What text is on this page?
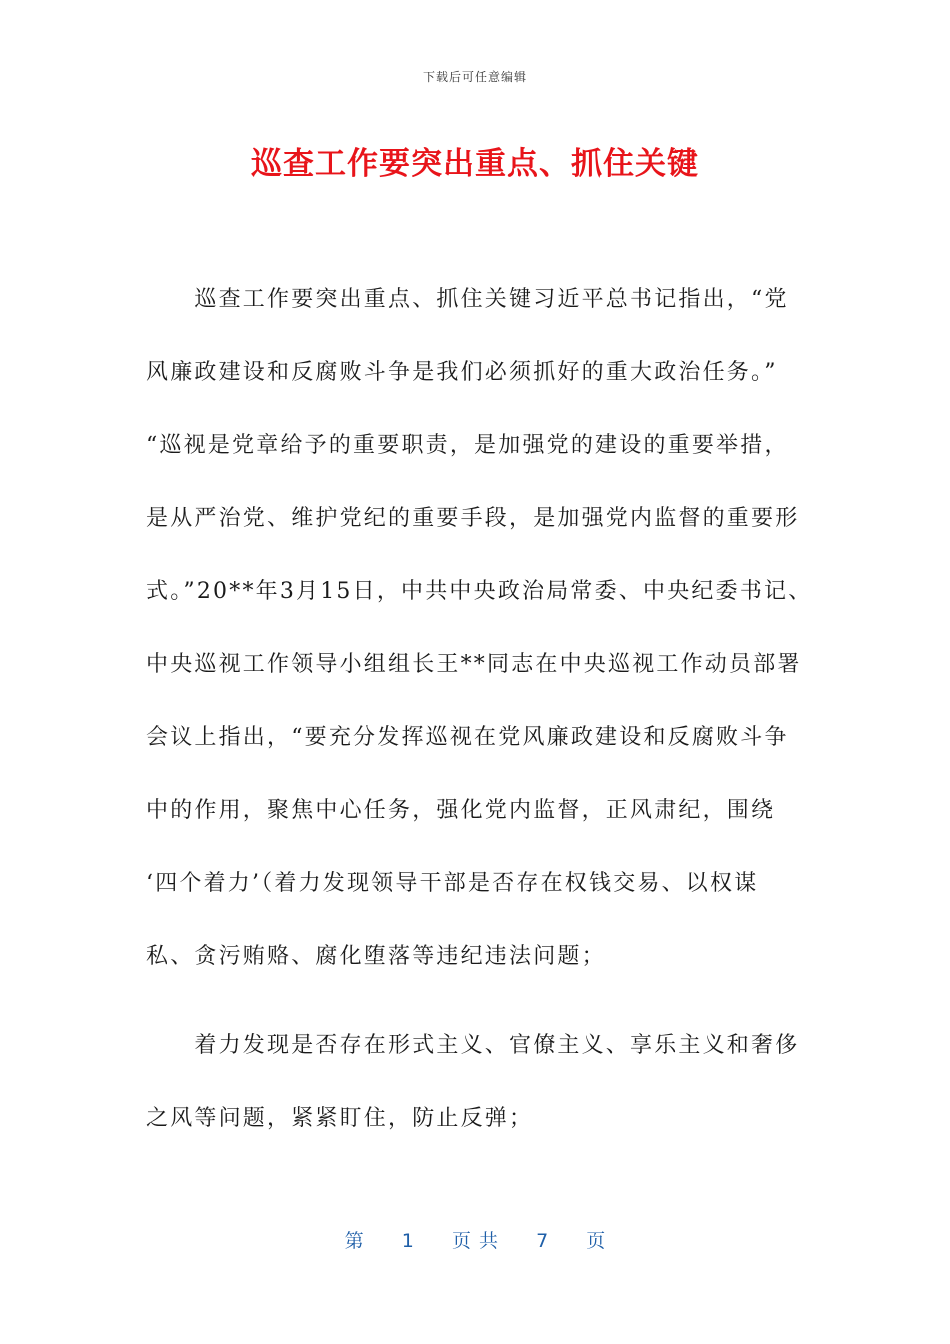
下载后可任意编辑
巡查工作要突出重点、抓住关键
　　巡查工作要突出重点、抓住关键习近平总书记指出，“党
风廉政建设和反腐败斗争是我们必须抓好的重大政治任务。”
“巡视是党章给予的重要职责，是加强党的建设的重要举措，
是从严治党、维护党纪的重要手段，是加强党内监督的重要形
式。”20**年3月15日，中共中央政治局常委、中央纪委书记、
中央巡视工作领导小组组长王**同志在中央巡视工作动员部署
会议上指出，“要充分发挥巡视在党风廉政建设和反腐败斗争
中的作用，聚焦中心任务，强化党内监督，正风肃纪，围绕
‘四个着力’（着力发现领导干部是否存在权钱交易、以权谋
私、贪污贿赂、腐化堕落等违纪违法问题；
　　着力发现是否存在形式主义、官僚主义、享乐主义和奢侈
之风等问题，紧紧盯住，防止反弹；
第 1 页 共 7 页
